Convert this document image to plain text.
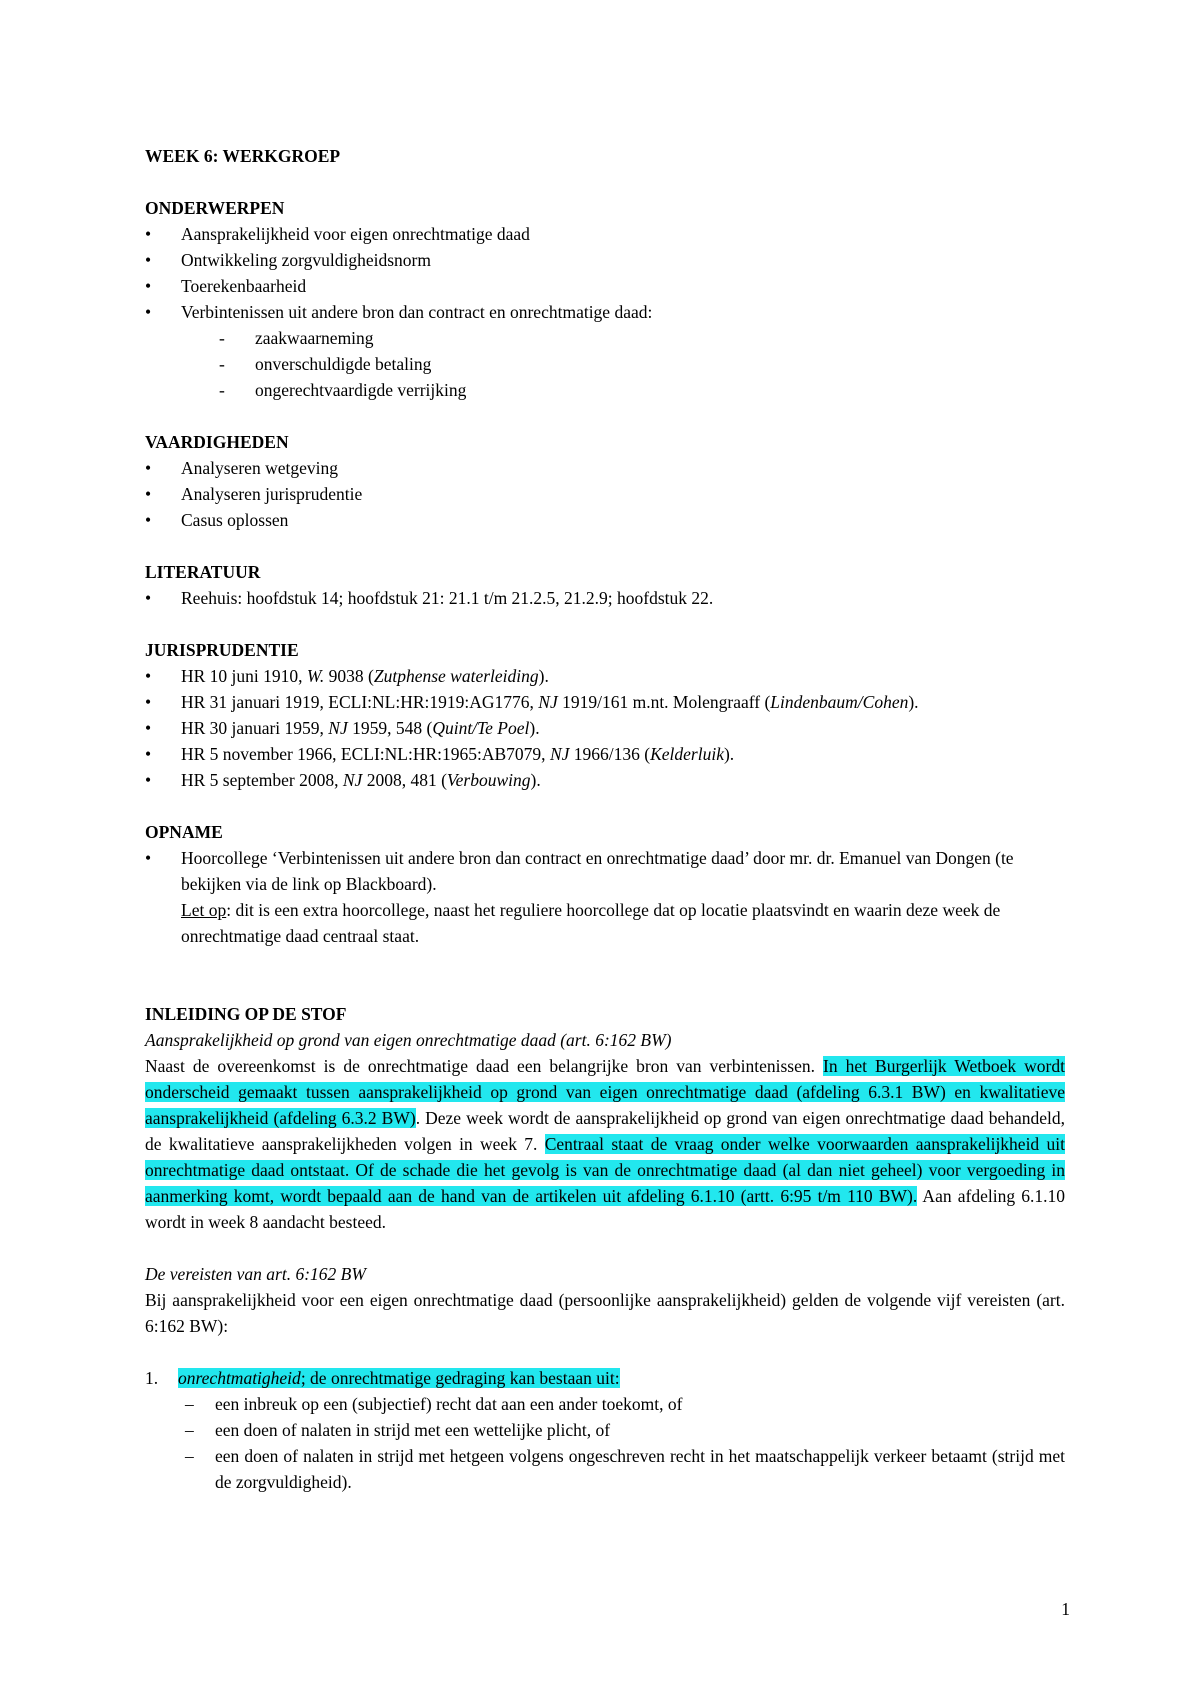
WEEK 6: WERKGROEP
ONDERWERPEN
•	Aansprakelijkheid voor eigen onrechtmatige daad
•	Ontwikkeling zorgvuldigheidsnorm
•	Toerekenbaarheid
•	Verbintenissen uit andere bron dan contract en onrechtmatige daad:
- zaakwaarneming
- onverschuldigde betaling
- ongerechtvaardigde verrijking
VAARDIGHEDEN
•	Analyseren wetgeving
•	Analyseren jurisprudentie
•	Casus oplossen
LITERATUUR
•	Reehuis: hoofdstuk 14; hoofdstuk 21: 21.1 t/m 21.2.5, 21.2.9; hoofdstuk 22.
JURISPRUDENTIE
•	HR 10 juni 1910, W. 9038 (Zutphense waterleiding).
•	HR 31 januari 1919, ECLI:NL:HR:1919:AG1776, NJ 1919/161 m.nt. Molengraaff (Lindenbaum/Cohen).
•	HR 30 januari 1959, NJ 1959, 548 (Quint/Te Poel).
•	HR 5 november 1966, ECLI:NL:HR:1965:AB7079, NJ 1966/136 (Kelderluik).
•	HR 5 september 2008, NJ 2008, 481 (Verbouwing).
OPNAME
•	Hoorcollege ‘Verbintenissen uit andere bron dan contract en onrechtmatige daad’ door mr. dr. Emanuel van Dongen (te bekijken via de link op Blackboard).
Let op: dit is een extra hoorcollege, naast het reguliere hoorcollege dat op locatie plaatsvindt en waarin deze week de onrechtmatige daad centraal staat.
INLEIDING OP DE STOF
Aansprakelijkheid op grond van eigen onrechtmatige daad (art. 6:162 BW)

Naast de overeenkomst is de onrechtmatige daad een belangrijke bron van verbintenissen. In het Burgerlijk Wetboek wordt onderscheid gemaakt tussen aansprakelijkheid op grond van eigen onrechtmatige daad (afdeling 6.3.1 BW) en kwalitatieve aansprakelijkheid (afdeling 6.3.2 BW). Deze week wordt de aansprakelijkheid op grond van eigen onrechtmatige daad behandeld, de kwalitatieve aansprakelijkheden volgen in week 7. Centraal staat de vraag onder welke voorwaarden aansprakelijkheid uit onrechtmatige daad ontstaat. Of de schade die het gevolg is van de onrechtmatige daad (al dan niet geheel) voor vergoeding in aanmerking komt, wordt bepaald aan de hand van de artikelen uit afdeling 6.1.10 (artt. 6:95 t/m 110 BW). Aan afdeling 6.1.10 wordt in week 8 aandacht besteed.

De vereisten van art. 6:162 BW

Bij aansprakelijkheid voor een eigen onrechtmatige daad (persoonlijke aansprakelijkheid) gelden de volgende vijf vereisten (art. 6:162 BW):

1. onrechtmatigheid; de onrechtmatige gedraging kan bestaan uit:
– een inbreuk op een (subjectief) recht dat aan een ander toekomt, of
– een doen of nalaten in strijd met een wettelijke plicht, of
– een doen of nalaten in strijd met hetgeen volgens ongeschreven recht in het maatschappelijk verkeer betaamt (strijd met de zorgvuldigheid).
1
